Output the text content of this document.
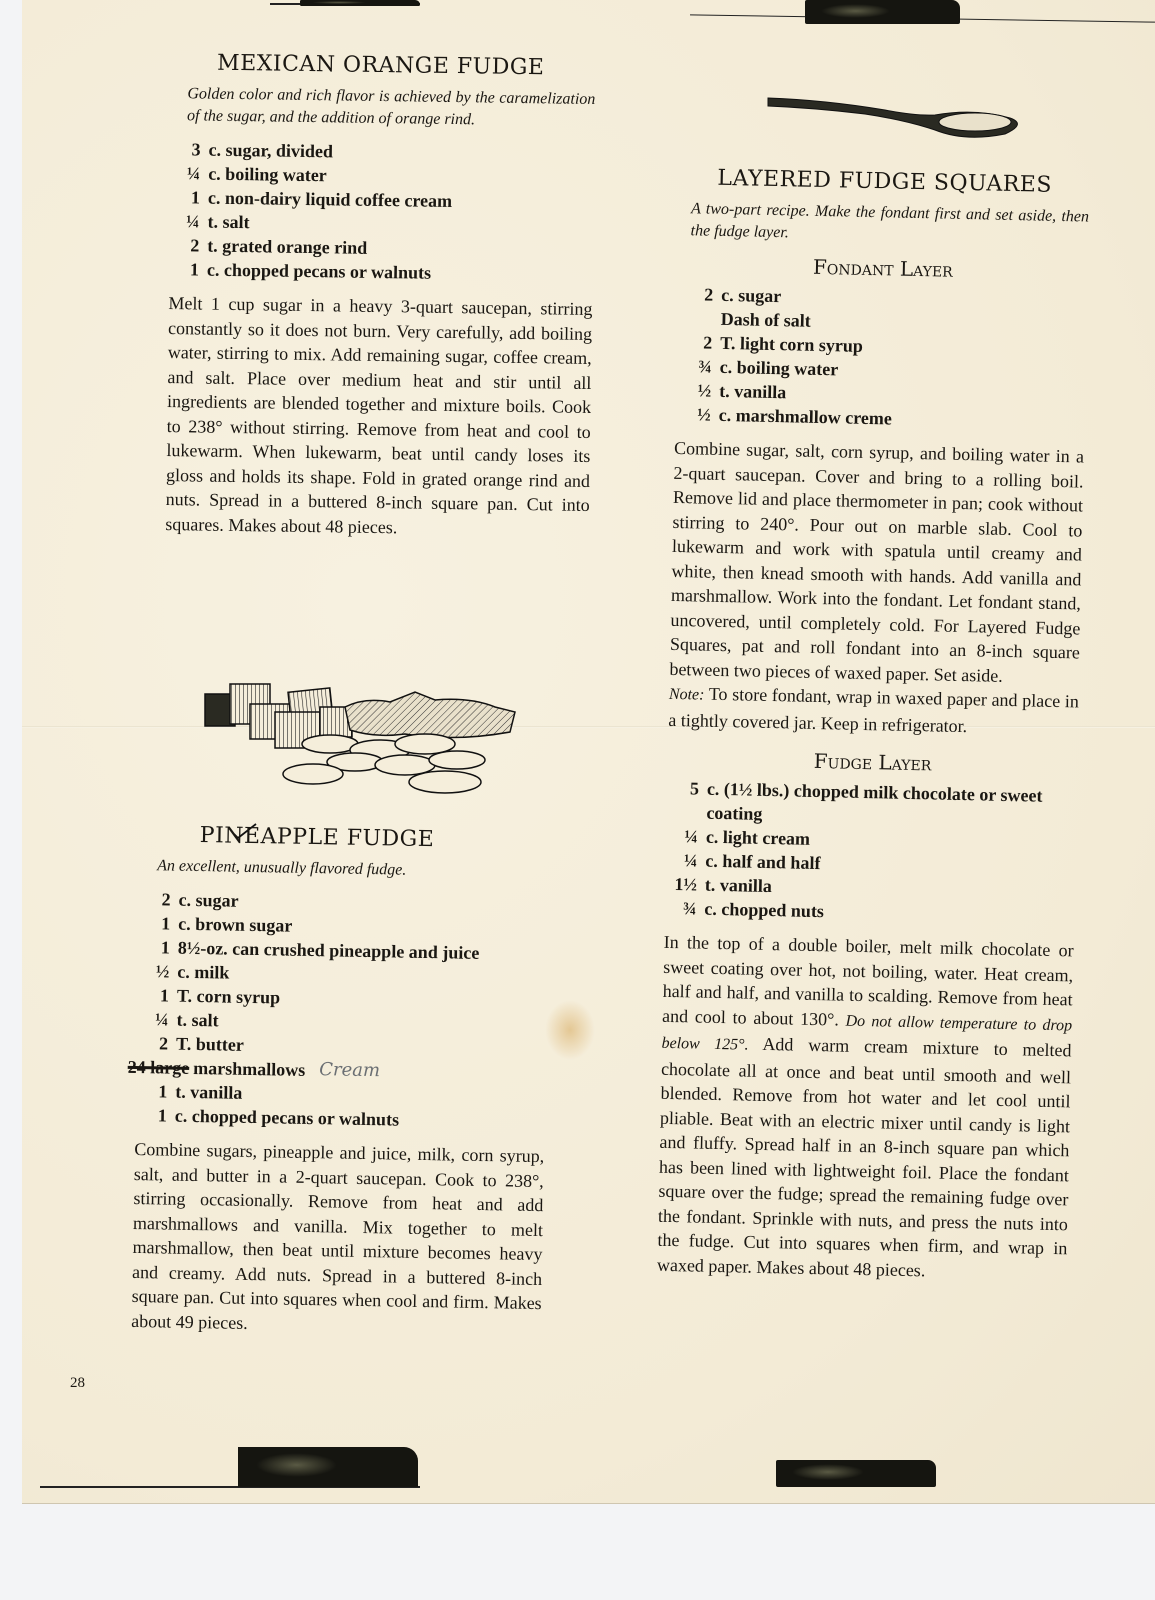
MEXICAN ORANGE FUDGE
Golden color and rich flavor is achieved by the caramelization of the sugar, and the addition of orange rind.
3 c. sugar, divided
¼ c. boiling water
1 c. non-dairy liquid coffee cream
¼ t. salt
2 t. grated orange rind
1 c. chopped pecans or walnuts

Melt 1 cup sugar in a heavy 3-quart saucepan, stirring constantly so it does not burn. Very carefully, add boiling water, stirring to mix. Add remaining sugar, coffee cream, and salt. Place over medium heat and stir until all ingredients are blended together and mixture boils. Cook to 238° without stirring. Remove from heat and cool to lukewarm. When lukewarm, beat until candy loses its gloss and holds its shape. Fold in grated orange rind and nuts. Spread in a buttered 8-inch square pan. Cut into squares. Makes about 48 pieces.

PINEAPPLE FUDGE
An excellent, unusually flavored fudge.
2 c. sugar
1 c. brown sugar
1 8½-oz. can crushed pineapple and juice
½ c. milk
1 T. corn syrup
¼ t. salt
2 T. butter
24 large marshmallows Cream
1 t. vanilla
1 c. chopped pecans or walnuts

Combine sugars, pineapple and juice, milk, corn syrup, salt, and butter in a 2-quart saucepan. Cook to 238°, stirring occasionally. Remove from heat and add marshmallows and vanilla. Mix together to melt marshmallow, then beat until mixture becomes heavy and creamy. Add nuts. Spread in a buttered 8-inch square pan. Cut into squares when cool and firm. Makes about 49 pieces.

28
LAYERED FUDGE SQUARES
A two-part recipe. Make the fondant first and set aside, then the fudge layer.
Fondant Layer
2 c. sugar
Dash of salt
2 T. light corn syrup
¾ c. boiling water
½ t. vanilla
½ c. marshmallow creme

Combine sugar, salt, corn syrup, and boiling water in a 2-quart saucepan. Cover and bring to a rolling boil. Remove lid and place thermometer in pan; cook without stirring to 240°. Pour out on marble slab. Cool to lukewarm and work with spatula until creamy and white, then knead smooth with hands. Add vanilla and marshmallow. Work into the fondant. Let fondant stand, uncovered, until completely cold. For Layered Fudge Squares, pat and roll fondant into an 8-inch square between two pieces of waxed paper. Set aside.

Note: To store fondant, wrap in waxed paper and place in a tightly covered jar. Keep in refrigerator.

Fudge Layer
5 c. (1½ lbs.) chopped milk chocolate or sweet coating
¼ c. light cream
¼ c. half and half
1½ t. vanilla
¾ c. chopped nuts

In the top of a double boiler, melt milk chocolate or sweet coating over hot, not boiling, water. Heat cream, half and half, and vanilla to scalding. Remove from heat and cool to about 130°. Do not allow temperature to drop below 125°. Add warm cream mixture to melted chocolate all at once and beat until smooth and well blended. Remove from hot water and let cool until pliable. Beat with an electric mixer until candy is light and fluffy. Spread half in an 8-inch square pan which has been lined with lightweight foil. Place the fondant square over the fudge; spread the remaining fudge over the fondant. Sprinkle with nuts, and press the nuts into the fudge. Cut into squares when firm, and wrap in waxed paper. Makes about 48 pieces.
